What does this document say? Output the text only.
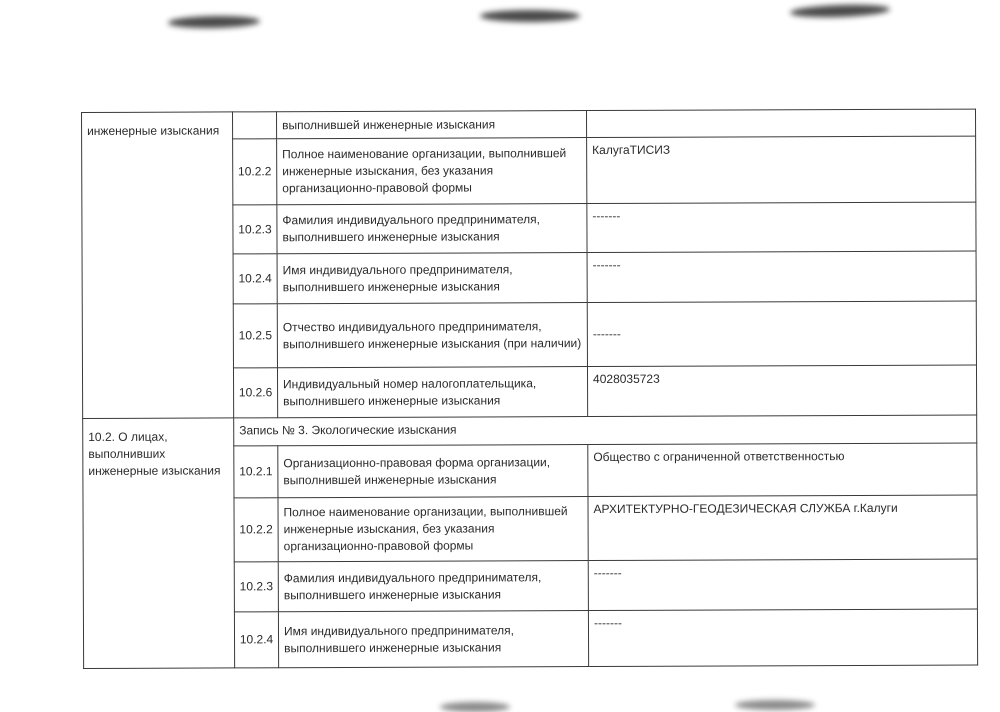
инженерные изыскания		выполнившей инженерные изыскания	
	10.2.2	Полное наименование организации, выполнившей инженерные изыскания, без указания организационно-правовой формы	КалугаТИСИЗ
	10.2.3	Фамилия индивидуального предпринимателя, выполнившего инженерные изыскания	-------
	10.2.4	Имя индивидуального предпринимателя, выполнившего инженерные изыскания	-------
	10.2.5	Отчество индивидуального предпринимателя, выполнившего инженерные изыскания (при наличии)	-------
	10.2.6	Индивидуальный номер налогоплательщика, выполнившего инженерные изыскания	4028035723
10.2. О лицах, выполнивших инженерные изыскания	Запись № 3. Экологические изыскания		
	10.2.1	Организационно-правовая форма организации, выполнившей инженерные изыскания	Общество с ограниченной ответственностью
	10.2.2	Полное наименование организации, выполнившей инженерные изыскания, без указания организационно-правовой формы	АРХИТЕКТУРНО-ГЕОДЕЗИЧЕСКАЯ СЛУЖБА г.Калуги
	10.2.3	Фамилия индивидуального предпринимателя, выполнившего инженерные изыскания	-------
	10.2.4	Имя индивидуального предпринимателя, выполнившего инженерные изыскания	-------
